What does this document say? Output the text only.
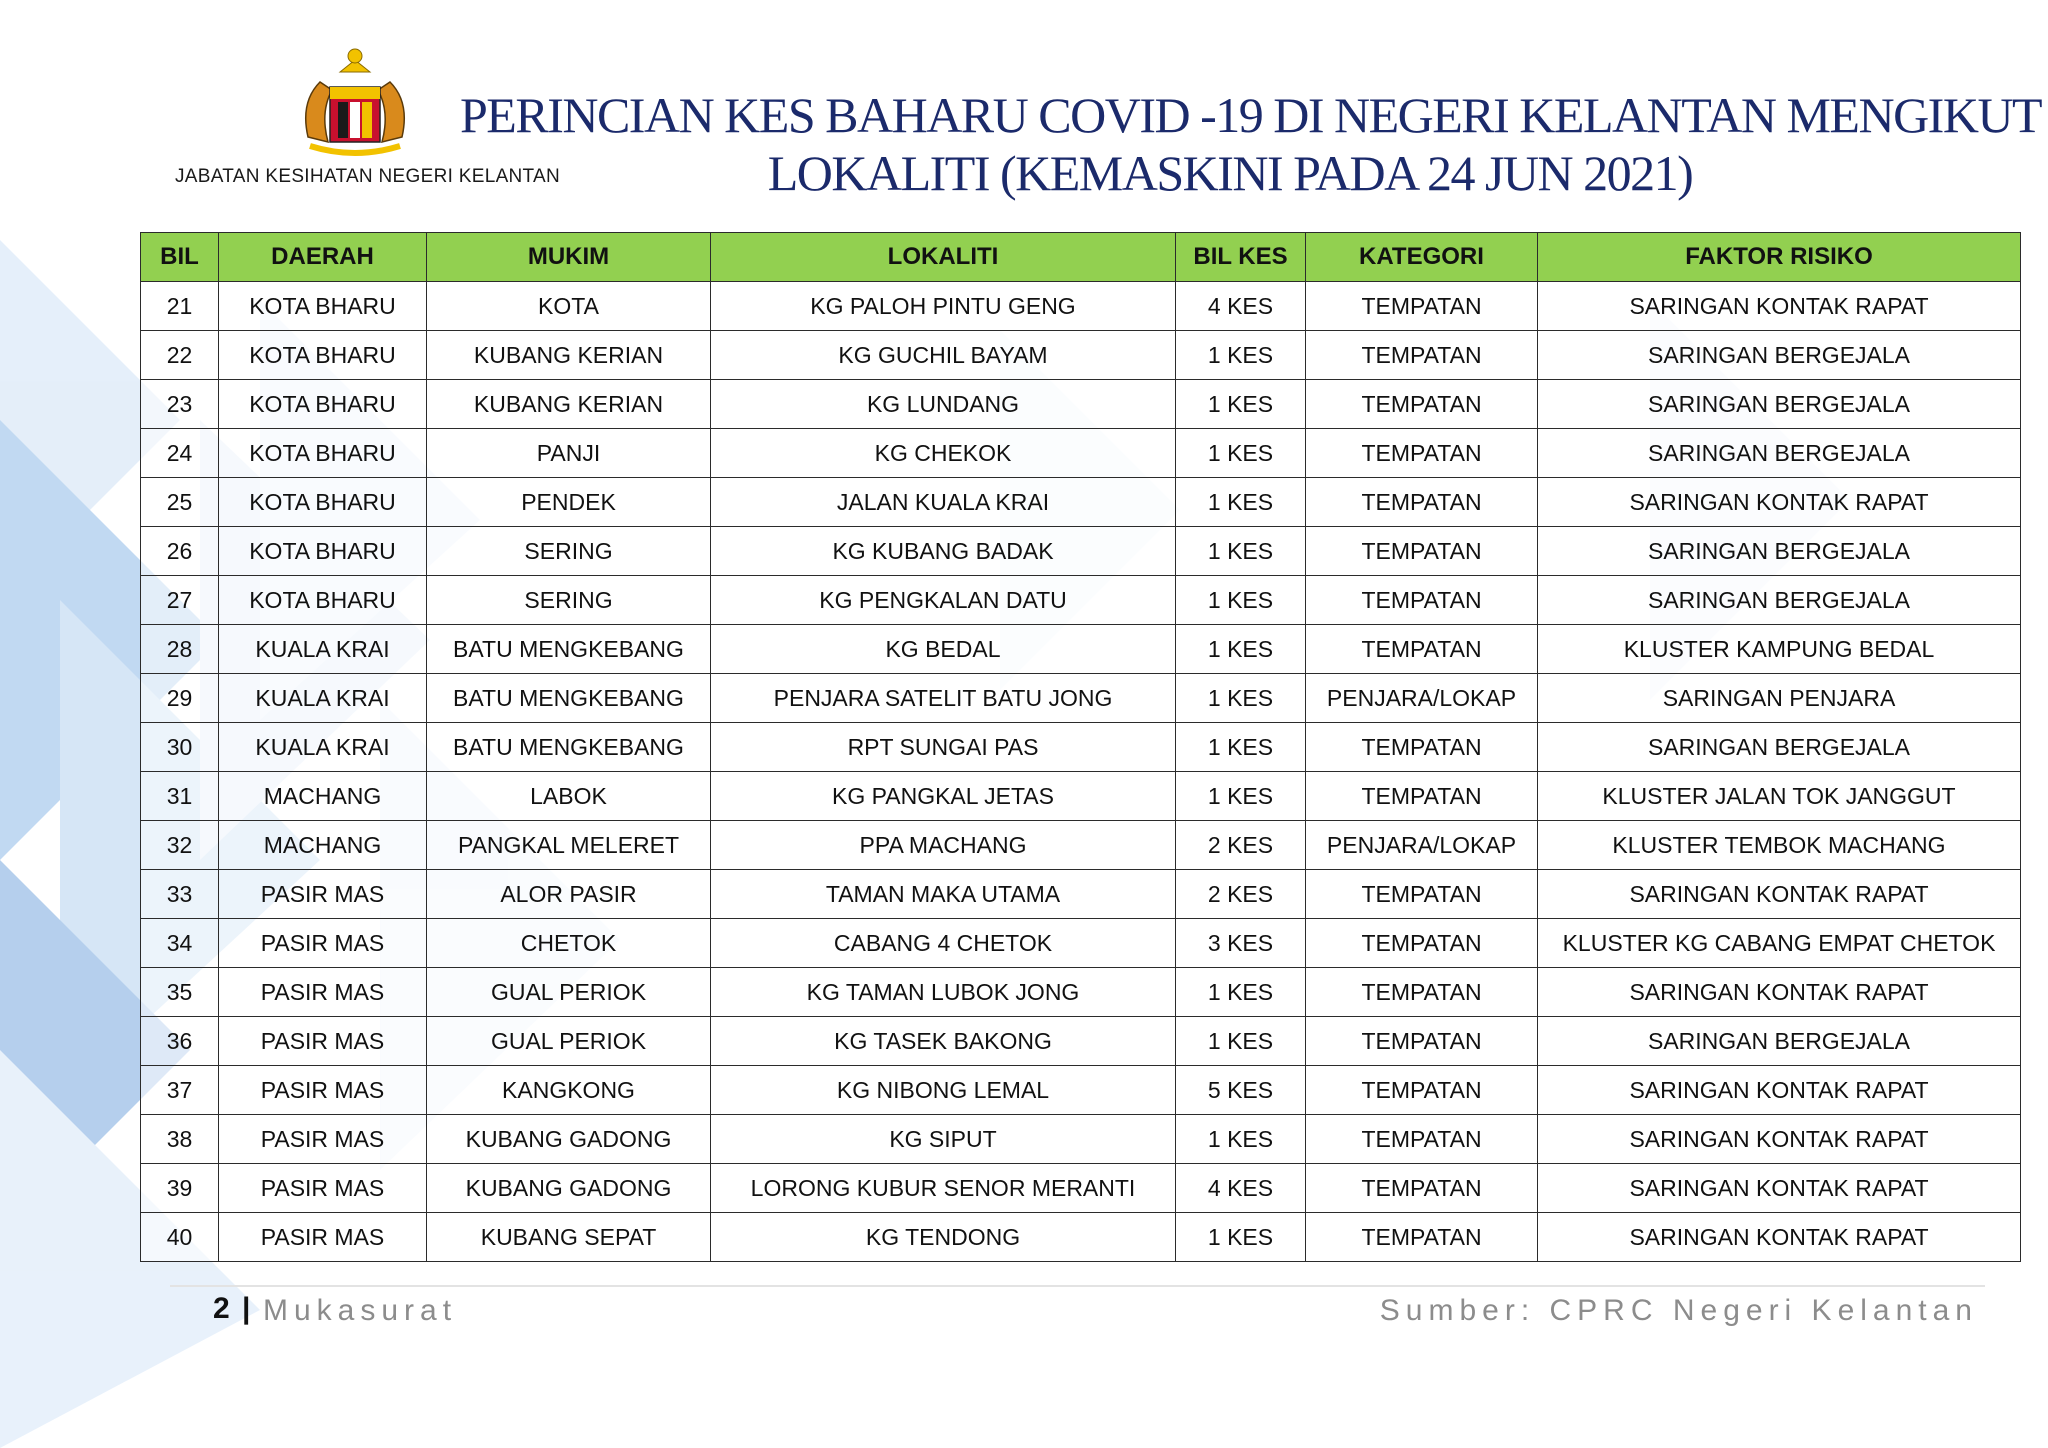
JABATAN KESIHATAN NEGERI KELANTAN
PERINCIAN KES BAHARU COVID -19 DI NEGERI KELANTAN MENGIKUT
LOKALITI (KEMASKINI PADA 24 JUN 2021)
BIL	DAERAH	MUKIM	LOKALITI	BIL KES	KATEGORI	FAKTOR RISIKO
21	KOTA BHARU	KOTA	KG PALOH PINTU GENG	4 KES	TEMPATAN	SARINGAN KONTAK RAPAT
22	KOTA BHARU	KUBANG KERIAN	KG GUCHIL BAYAM	1 KES	TEMPATAN	SARINGAN BERGEJALA
23	KOTA BHARU	KUBANG KERIAN	KG LUNDANG	1 KES	TEMPATAN	SARINGAN BERGEJALA
24	KOTA BHARU	PANJI	KG CHEKOK	1 KES	TEMPATAN	SARINGAN BERGEJALA
25	KOTA BHARU	PENDEK	JALAN KUALA KRAI	1 KES	TEMPATAN	SARINGAN KONTAK RAPAT
26	KOTA BHARU	SERING	KG KUBANG BADAK	1 KES	TEMPATAN	SARINGAN BERGEJALA
27	KOTA BHARU	SERING	KG PENGKALAN DATU	1 KES	TEMPATAN	SARINGAN BERGEJALA
28	KUALA KRAI	BATU MENGKEBANG	KG BEDAL	1 KES	TEMPATAN	KLUSTER KAMPUNG BEDAL
29	KUALA KRAI	BATU MENGKEBANG	PENJARA SATELIT BATU JONG	1 KES	PENJARA/LOKAP	SARINGAN PENJARA
30	KUALA KRAI	BATU MENGKEBANG	RPT SUNGAI PAS	1 KES	TEMPATAN	SARINGAN BERGEJALA
31	MACHANG	LABOK	KG PANGKAL JETAS	1 KES	TEMPATAN	KLUSTER JALAN TOK JANGGUT
32	MACHANG	PANGKAL MELERET	PPA MACHANG	2 KES	PENJARA/LOKAP	KLUSTER TEMBOK MACHANG
33	PASIR MAS	ALOR PASIR	TAMAN MAKA UTAMA	2 KES	TEMPATAN	SARINGAN KONTAK RAPAT
34	PASIR MAS	CHETOK	CABANG 4 CHETOK	3 KES	TEMPATAN	KLUSTER KG CABANG EMPAT CHETOK
35	PASIR MAS	GUAL PERIOK	KG TAMAN LUBOK JONG	1 KES	TEMPATAN	SARINGAN KONTAK RAPAT
36	PASIR MAS	GUAL PERIOK	KG TASEK BAKONG	1 KES	TEMPATAN	SARINGAN BERGEJALA
37	PASIR MAS	KANGKONG	KG NIBONG LEMAL	5 KES	TEMPATAN	SARINGAN KONTAK RAPAT
38	PASIR MAS	KUBANG GADONG	KG SIPUT	1 KES	TEMPATAN	SARINGAN KONTAK RAPAT
39	PASIR MAS	KUBANG GADONG	LORONG KUBUR SENOR MERANTI	4 KES	TEMPATAN	SARINGAN KONTAK RAPAT
40	PASIR MAS	KUBANG SEPAT	KG TENDONG	1 KES	TEMPATAN	SARINGAN KONTAK RAPAT
2 | Mukasurat	Sumber: CPRC Negeri Kelantan
